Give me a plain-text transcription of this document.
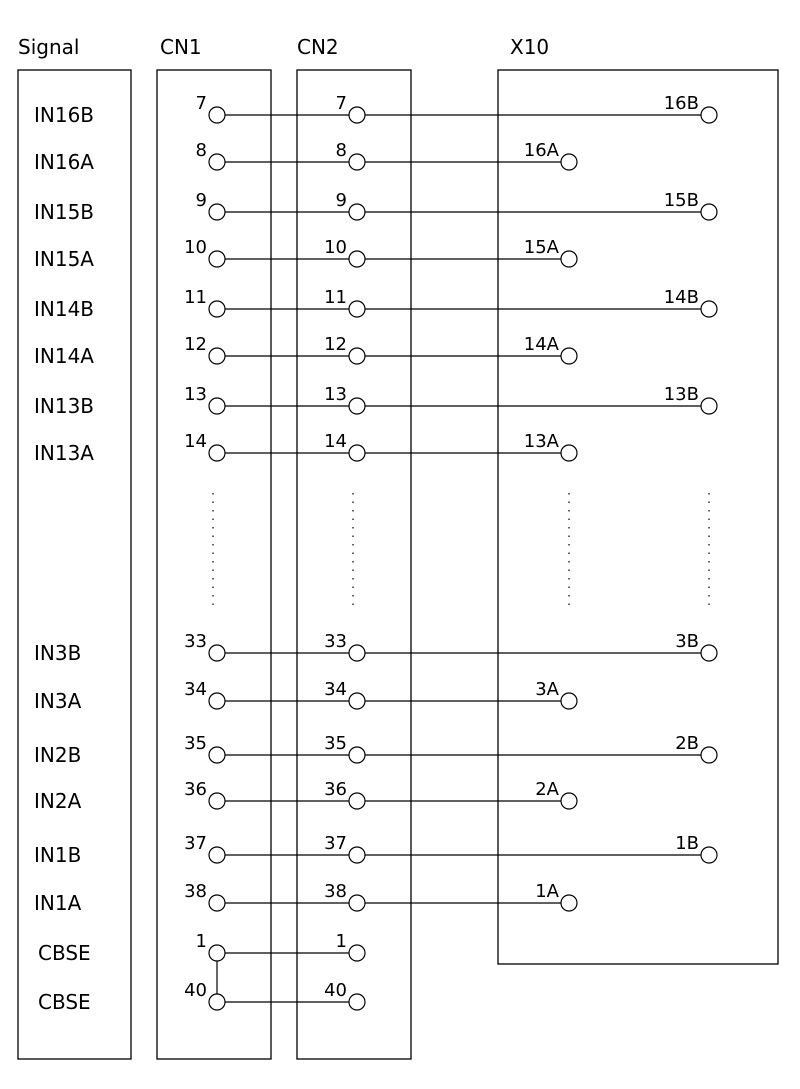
Signal	CN1	CN2	X10
IN16B	7	7	16B
IN16A	8	8	16A
IN15B	9	9	15B
IN15A	10	10	15A
IN14B	11	11	14B
IN14A	12	12	14A
IN13B	13	13	13B
IN13A	14	14	13A
IN3B	33	33	3B
IN3A	34	34	3A
IN2B	35	35	2B
IN2A	36	36	2A
IN1B	37	37	1B
IN1A	38	38	1A
CBSE	1	1
CBSE	40	40
